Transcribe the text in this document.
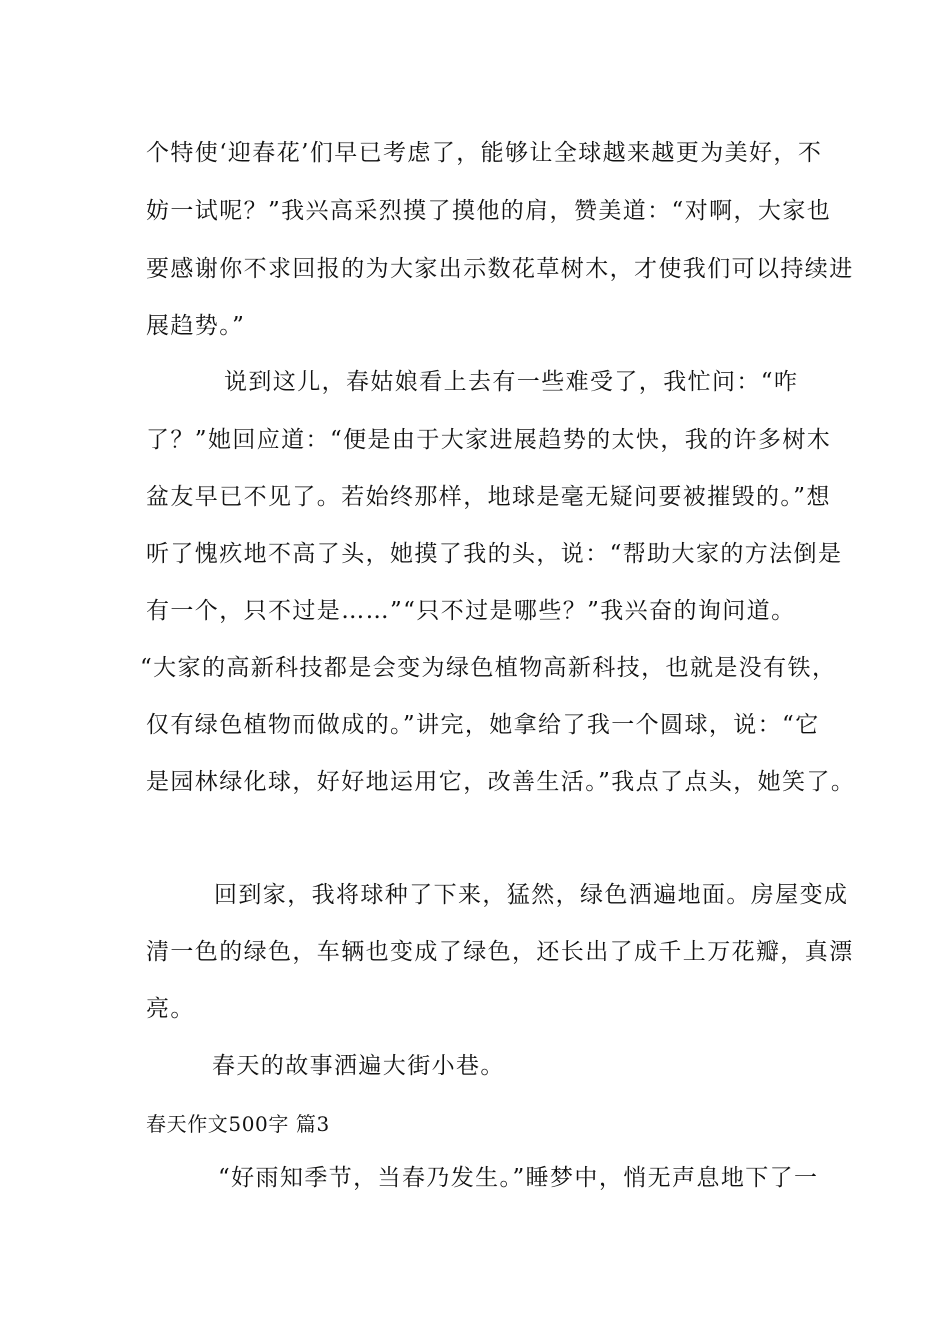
个特使‘迎春花’们早已考虑了，能够让全球越来越更为美好，不
妨一试呢？”我兴高采烈摸了摸他的肩，赞美道：“对啊，大家也
要感谢你不求回报的为大家出示数花草树木，才使我们可以持续进
展趋势。”
说到这儿，春姑娘看上去有一些难受了，我忙问：“咋
了？”她回应道：“便是由于大家进展趋势的太快，我的许多树木
盆友早已不见了。若始终那样，地球是毫无疑问要被摧毁的。”想
听了愧疚地不高了头，她摸了我的头，说：“帮助大家的方法倒是
有一个，只不过是……”“只不过是哪些？”我兴奋的询问道。
“大家的高新科技都是会变为绿色植物高新科技，也就是没有铁，
仅有绿色植物而做成的。”讲完，她拿给了我一个圆球，说：“它
是园林绿化球，好好地运用它，改善生活。”我点了点头，她笑了。
回到家，我将球种了下来，猛然，绿色洒遍地面。房屋变成
清一色的绿色，车辆也变成了绿色，还长出了成千上万花瓣，真漂
亮。
春天的故事洒遍大街小巷。
春天作文500字 篇3
“好雨知季节，当春乃发生。”睡梦中，悄无声息地下了一
